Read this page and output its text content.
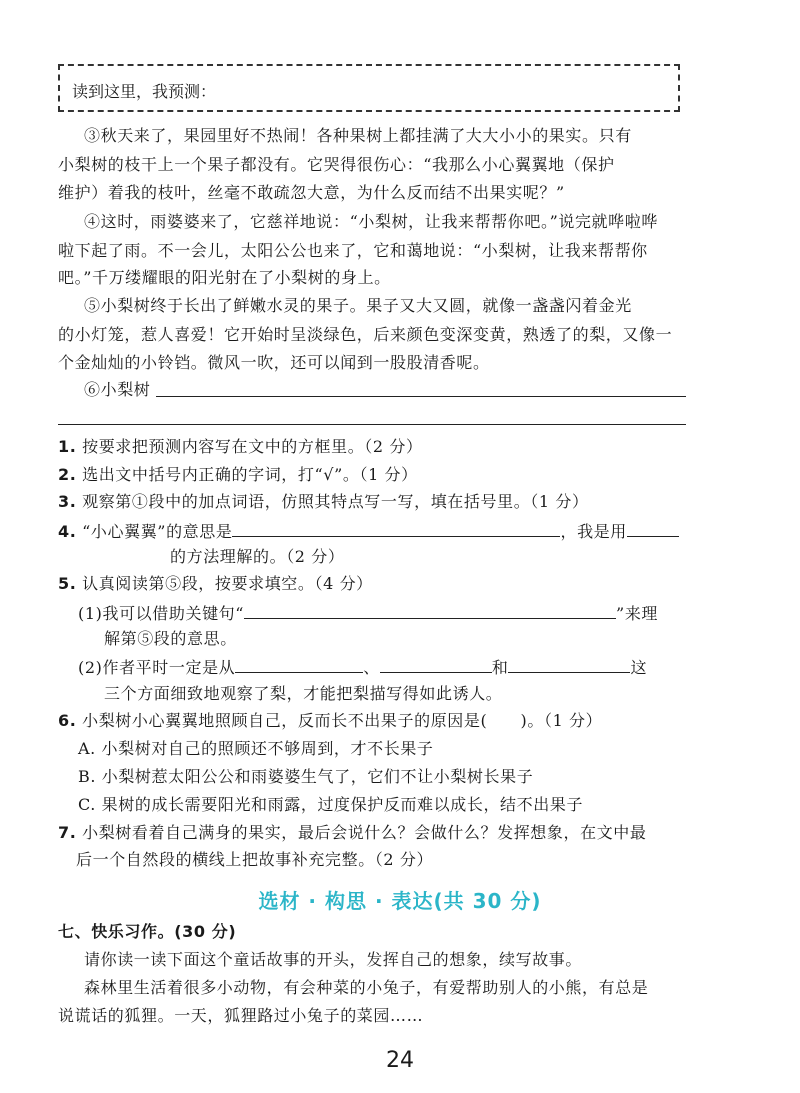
读到这里，我预测：
③秋天来了，果园里好不热闹！各种果树上都挂满了大大小小的果实。只有
小梨树的枝干上一个果子都没有。它哭得很伤心：“我那么小心翼翼地（保护
维护）着我的枝叶，丝毫不敢疏忽大意，为什么反而结不出果实呢？”
④这时，雨婆婆来了，它慈祥地说：“小梨树，让我来帮帮你吧。”说完就哗啦哗
啦下起了雨。不一会儿，太阳公公也来了，它和蔼地说：“小梨树，让我来帮帮你
吧。”千万缕耀眼的阳光射在了小梨树的身上。
⑤小梨树终于长出了鲜嫩水灵的果子。果子又大又圆，就像一盏盏闪着金光
的小灯笼，惹人喜爱！它开始时呈淡绿色，后来颜色变深变黄，熟透了的梨，又像一
个金灿灿的小铃铛。微风一吹，还可以闻到一股股清香呢。
⑥小梨树
1. 按要求把预测内容写在文中的方框里。（2 分）
2. 选出文中括号内正确的字词，打“√”。（1 分）
3. 观察第①段中的加点词语，仿照其特点写一写，填在括号里。（1 分）
4. “小心翼翼”的意思是	，我是用
的方法理解的。（2 分）
5. 认真阅读第⑤段，按要求填空。（4 分）
(1)我可以借助关键句“	”来理
解第⑤段的意思。
(2)作者平时一定是从	、	和	这
三个方面细致地观察了梨，才能把梨描写得如此诱人。
6. 小梨树小心翼翼地照顾自己，反而长不出果子的原因是(　　)。（1 分）
A. 小梨树对自己的照顾还不够周到，才不长果子
B. 小梨树惹太阳公公和雨婆婆生气了，它们不让小梨树长果子
C. 果树的成长需要阳光和雨露，过度保护反而难以成长，结不出果子
7. 小梨树看着自己满身的果实，最后会说什么？会做什么？发挥想象，在文中最
后一个自然段的横线上把故事补充完整。（2 分）
选材 · 构思 · 表达(共 30 分)
七、快乐习作。(30 分)
请你读一读下面这个童话故事的开头，发挥自己的想象，续写故事。
森林里生活着很多小动物，有会种菜的小兔子，有爱帮助别人的小熊，有总是
说谎话的狐狸。一天，狐狸路过小兔子的菜园……
24
